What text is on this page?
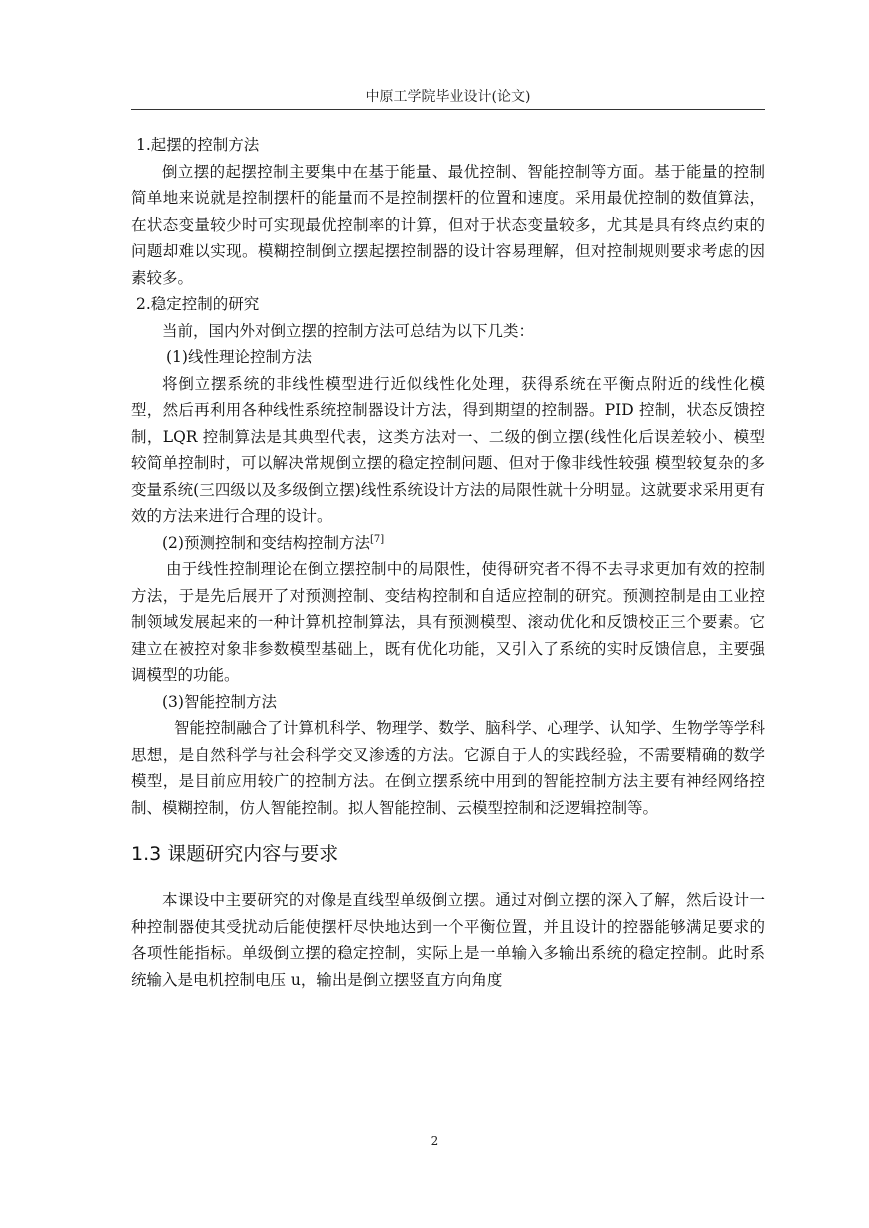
中原工学院毕业设计(论文)

1.起摆的控制方法

倒立摆的起摆控制主要集中在基于能量、最优控制、智能控制等方面。基于能量的控制简单地来说就是控制摆杆的能量而不是控制摆杆的位置和速度。采用最优控制的数值算法，在状态变量较少时可实现最优控制率的计算，但对于状态变量较多，尤其是具有终点约束的问题却难以实现。模糊控制倒立摆起摆控制器的设计容易理解，但对控制规则要求考虑的因素较多。

2.稳定控制的研究

当前，国内外对倒立摆的控制方法可总结为以下几类：

(1)线性理论控制方法

将倒立摆系统的非线性模型进行近似线性化处理，获得系统在平衡点附近的线性化模型，然后再利用各种线性系统控制器设计方法，得到期望的控制器。PID 控制，状态反馈控制，LQR 控制算法是其典型代表，这类方法对一、二级的倒立摆(线性化后误差较小、模型较简单控制时，可以解决常规倒立摆的稳定控制问题、但对于像非线性较强 模型较复杂的多变量系统(三四级以及多级倒立摆)线性系统设计方法的局限性就十分明显。这就要求采用更有效的方法来进行合理的设计。

(2)预测控制和变结构控制方法[7]

由于线性控制理论在倒立摆控制中的局限性，使得研究者不得不去寻求更加有效的控制方法，于是先后展开了对预测控制、变结构控制和自适应控制的研究。预测控制是由工业控制领域发展起来的一种计算机控制算法，具有预测模型、滚动优化和反馈校正三个要素。它建立在被控对象非参数模型基础上，既有优化功能，又引入了系统的实时反馈信息，主要强调模型的功能。

(3)智能控制方法

智能控制融合了计算机科学、物理学、数学、脑科学、心理学、认知学、生物学等学科思想，是自然科学与社会科学交叉渗透的方法。它源自于人的实践经验，不需要精确的数学模型，是目前应用较广的控制方法。在倒立摆系统中用到的智能控制方法主要有神经网络控制、模糊控制，仿人智能控制。拟人智能控制、云模型控制和泛逻辑控制等。

1.3 课题研究内容与要求

本课设中主要研究的对像是直线型单级倒立摆。通过对倒立摆的深入了解，然后设计一种控制器使其受扰动后能使摆杆尽快地达到一个平衡位置，并且设计的控器能够满足要求的各项性能指标。单级倒立摆的稳定控制，实际上是一单输入多输出系统的稳定控制。此时系统输入是电机控制电压 u，输出是倒立摆竖直方向角度

2
